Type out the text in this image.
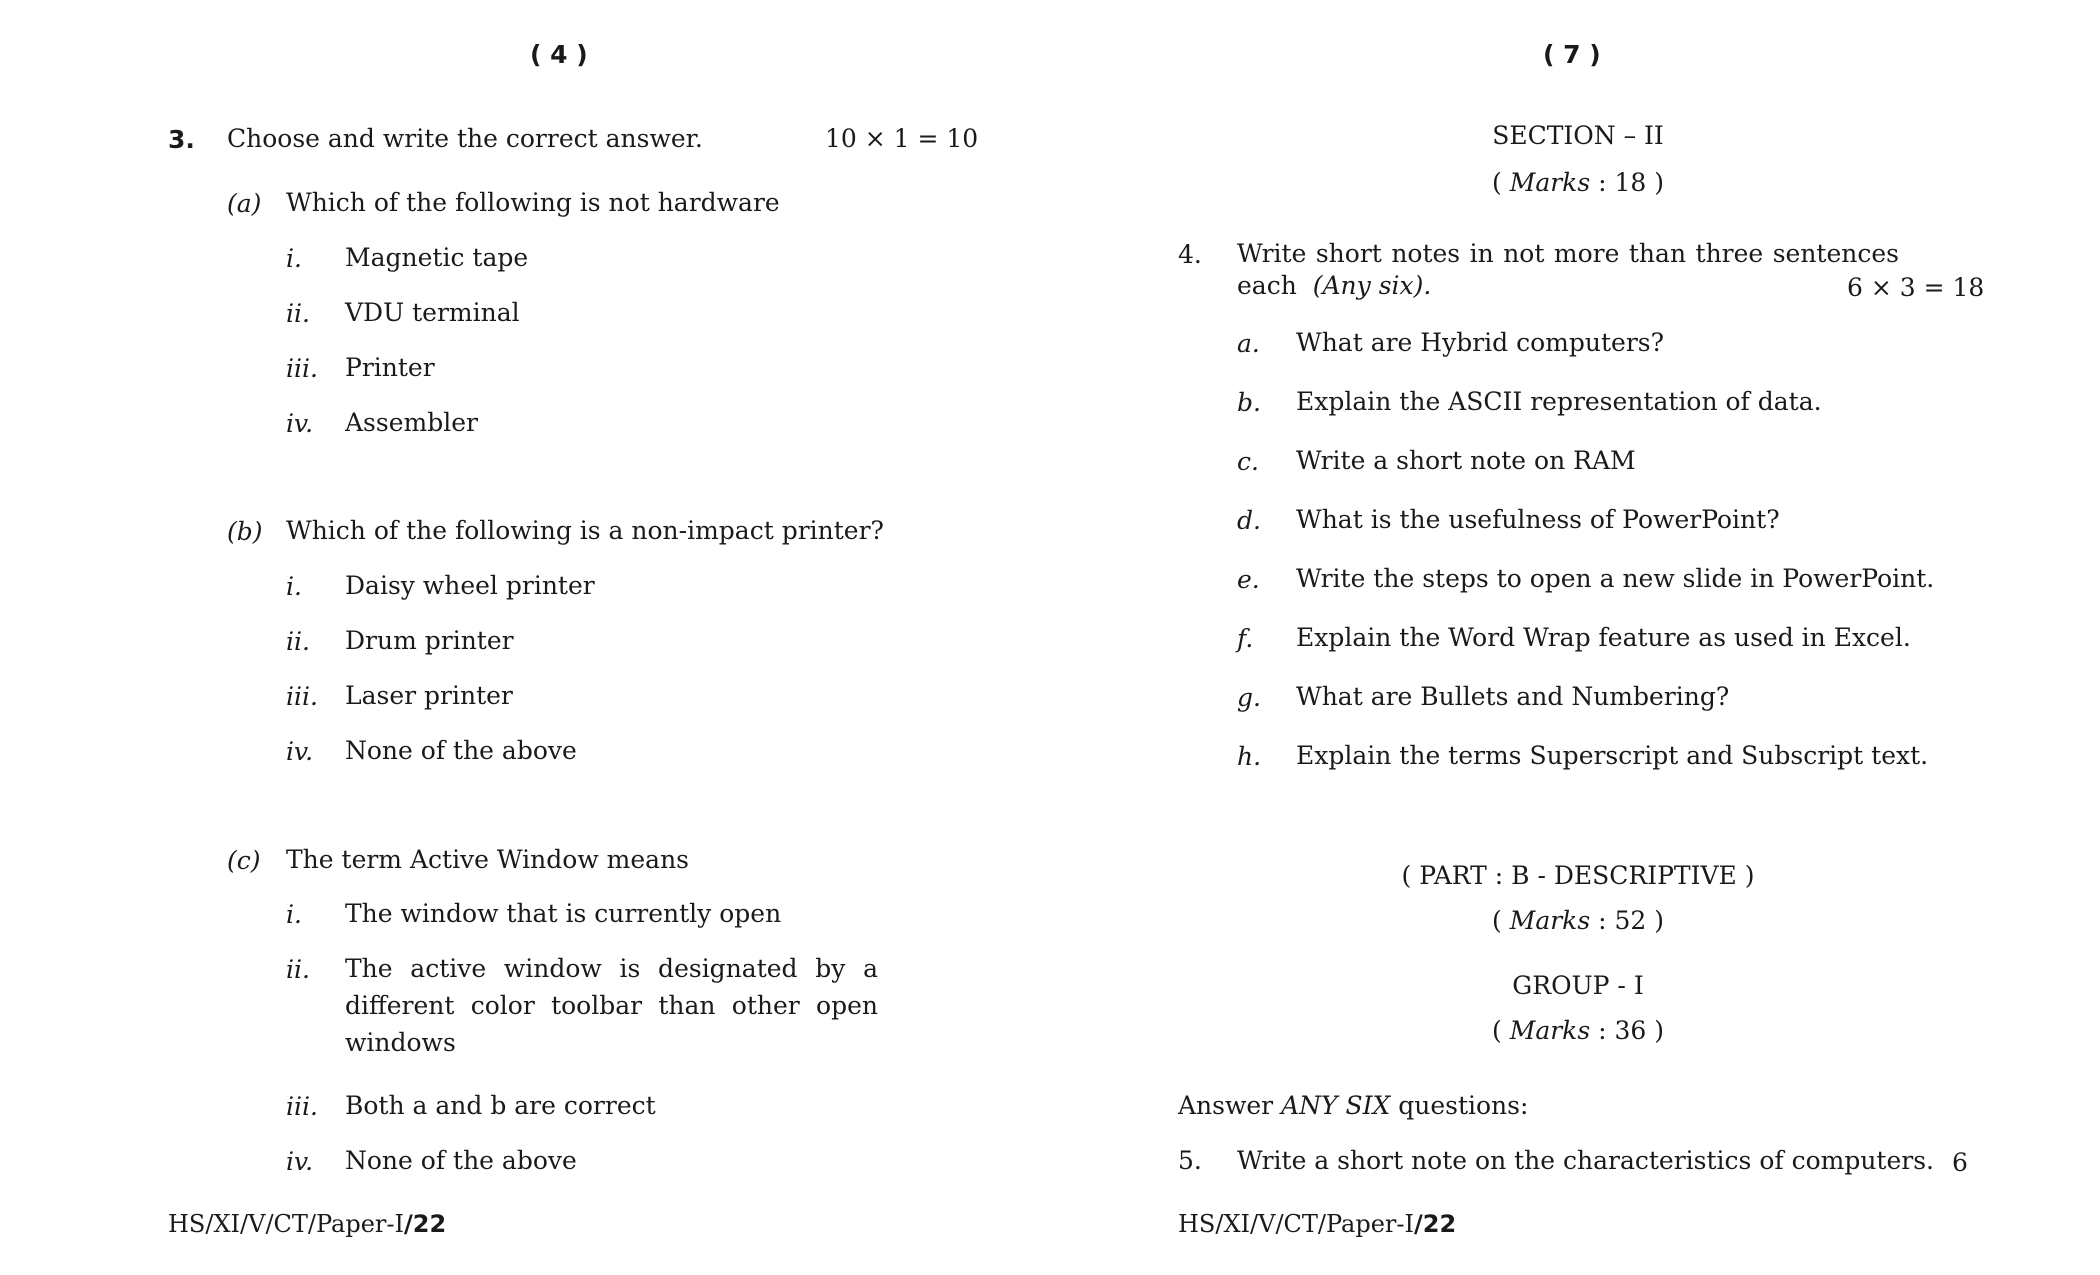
( 4 )
3. Choose and write the correct answer.	10 × 1 = 10
(a) Which of the following is not hardware
i. Magnetic tape
ii. VDU terminal
iii. Printer
iv. Assembler
(b) Which of the following is a non-impact printer?
i. Daisy wheel printer
ii. Drum printer
iii. Laser printer
iv. None of the above
(c) The term Active Window means
i. The window that is currently open
ii. The active window is designated by a
different color toolbar than other open
windows
iii. Both a and b are correct
iv. None of the above
HS/XI/V/CT/Paper-I/22
( 7 )
SECTION – II
( Marks : 18 )
4. Write short notes in not more than three sentences
each (Any six).	6 × 3 = 18
a. What are Hybrid computers?
b. Explain the ASCII representation of data.
c. Write a short note on RAM
d. What is the usefulness of PowerPoint?
e. Write the steps to open a new slide in PowerPoint.
f. Explain the Word Wrap feature as used in Excel.
g. What are Bullets and Numbering?
h. Explain the terms Superscript and Subscript text.
( PART : B - DESCRIPTIVE )
( Marks : 52 )
GROUP - I
( Marks : 36 )
Answer ANY SIX questions:
5. Write a short note on the characteristics of computers. 6
HS/XI/V/CT/Paper-I/22
